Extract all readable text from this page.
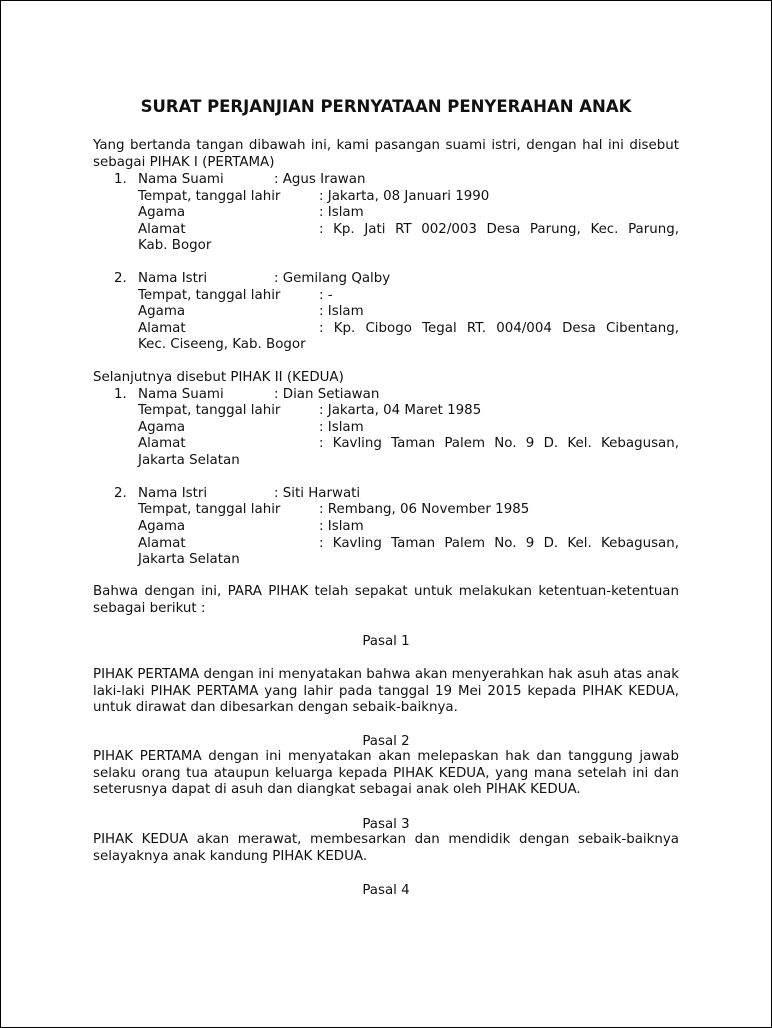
SURAT PERJANJIAN PERNYATAAN PENYERAHAN ANAK
Yang bertanda tangan dibawah ini, kami pasangan suami istri, dengan hal ini disebut sebagai PIHAK I (PERTAMA)
1. Nama Suami	: Agus Irawan
Tempat, tanggal lahir	: Jakarta, 08 Januari 1990
Agama	: Islam
Alamat	: Kp. Jati RT 002/003 Desa Parung, Kec. Parung,
Kab. Bogor
2. Nama Istri	: Gemilang Qalby
Tempat, tanggal lahir	: -
Agama	: Islam
Alamat	: Kp. Cibogo Tegal RT. 004/004 Desa Cibentang,
Kec. Ciseeng, Kab. Bogor
Selanjutnya disebut PIHAK II (KEDUA)
1. Nama Suami	: Dian Setiawan
Tempat, tanggal lahir	: Jakarta, 04 Maret 1985
Agama	: Islam
Alamat	: Kavling Taman Palem No. 9 D. Kel. Kebagusan,
Jakarta Selatan
2. Nama Istri	: Siti Harwati
Tempat, tanggal lahir	: Rembang, 06 November 1985
Agama	: Islam
Alamat	: Kavling Taman Palem No. 9 D. Kel. Kebagusan,
Jakarta Selatan
Bahwa dengan ini, PARA PIHAK telah sepakat untuk melakukan ketentuan-ketentuan sebagai berikut :
Pasal 1
PIHAK PERTAMA dengan ini menyatakan bahwa akan menyerahkan hak asuh atas anak laki-laki PIHAK PERTAMA yang lahir pada tanggal 19 Mei 2015 kepada PIHAK KEDUA, untuk dirawat dan dibesarkan dengan sebaik-baiknya.
Pasal 2
PIHAK PERTAMA dengan ini menyatakan akan melepaskan hak dan tanggung jawab selaku orang tua ataupun keluarga kepada PIHAK KEDUA, yang mana setelah ini dan seterusnya dapat di asuh dan diangkat sebagai anak oleh PIHAK KEDUA.
Pasal 3
PIHAK KEDUA akan merawat, membesarkan dan mendidik dengan sebaik-baiknya selayaknya anak kandung PIHAK KEDUA.
Pasal 4
